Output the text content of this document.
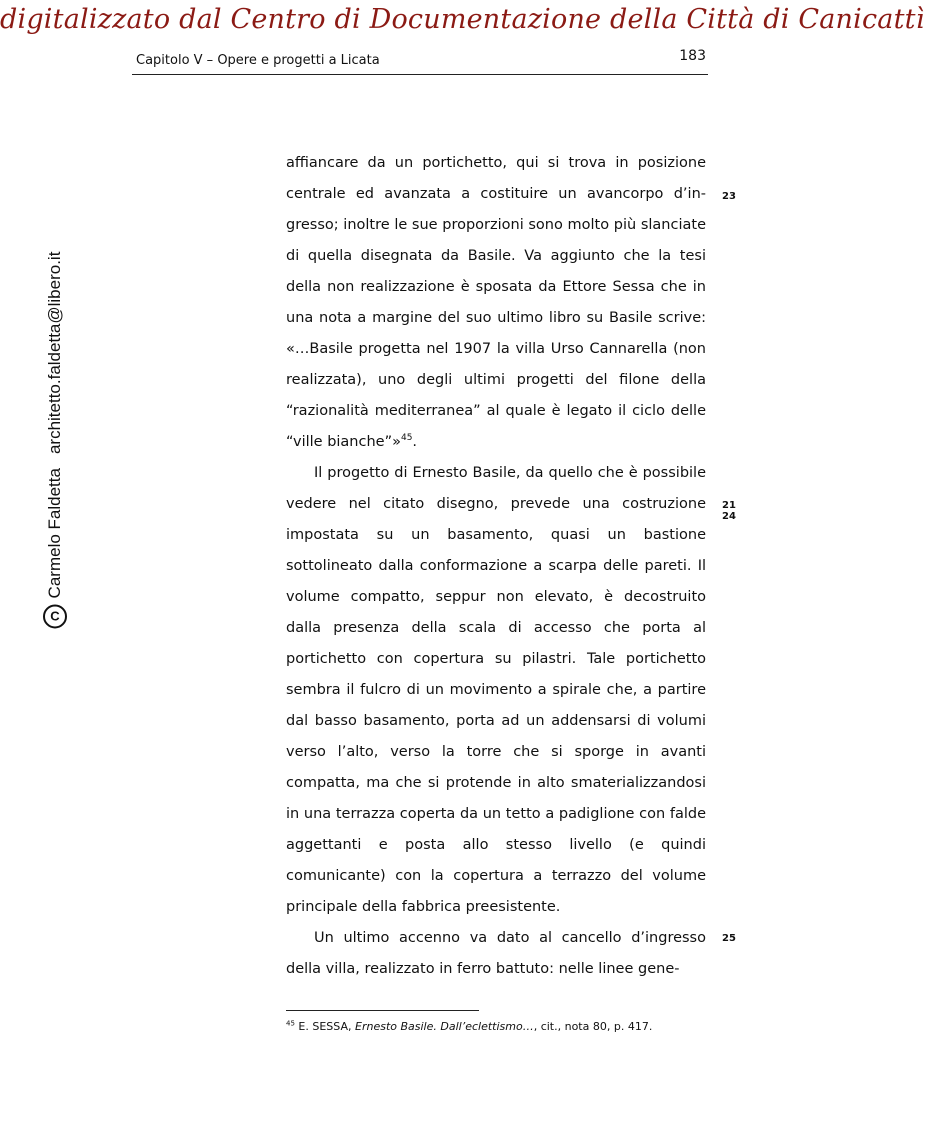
digitalizzato dal Centro di Documentazione della Città di Canicattì
Capitolo V – Opere e progetti a Licata	183
C
Carmelo Faldetta
architetto.faldetta@libero.it

affiancare da un portichetto, qui si trova in posizione centrale ed avanzata a costituire un avancorpo d’ingresso; inoltre le sue proporzioni sono molto più slanciate di quella disegnata da Basile. Va aggiunto che la tesi della non realizzazione è sposata da Ettore Sessa che in una nota a margine del suo ultimo libro su Basile scrive: «…Basile progetta nel 1907 la villa Urso Cannarella (non realizzata), uno degli ultimi progetti del filone della “razionalità mediterranea” al quale è legato il ciclo delle “ville bianche”»$^{45}$.

Il progetto di Ernesto Basile, da quello che è possibile vedere nel citato disegno, prevede una costruzione impostata su un basamento, quasi un bastione sottolineato dalla conformazione a scarpa delle pareti. Il volume compatto, seppur non elevato, è decostruito dalla presenza della scala di accesso che porta al portichetto con copertura su pilastri. Tale portichetto sembra il fulcro di un movimento a spirale che, a partire dal basso basamento, porta ad un addensarsi di volumi verso l’alto, verso la torre che si sporge in avanti compatta, ma che si protende in alto smaterializzandosi in una terrazza coperta da un tetto a padiglione con falde aggettanti e posta allo stesso livello (e quindi comunicante) con la copertura a terrazzo del volume principale della fabbrica preesistente.

Un ultimo accenno va dato al cancello d’ingresso della villa, realizzato in ferro battuto: nelle linee gene-

23
21
24
25
$^{45}$ E. SESSA, Ernesto Basile. Dall’eclettismo…, cit., nota 80, p. 417.
